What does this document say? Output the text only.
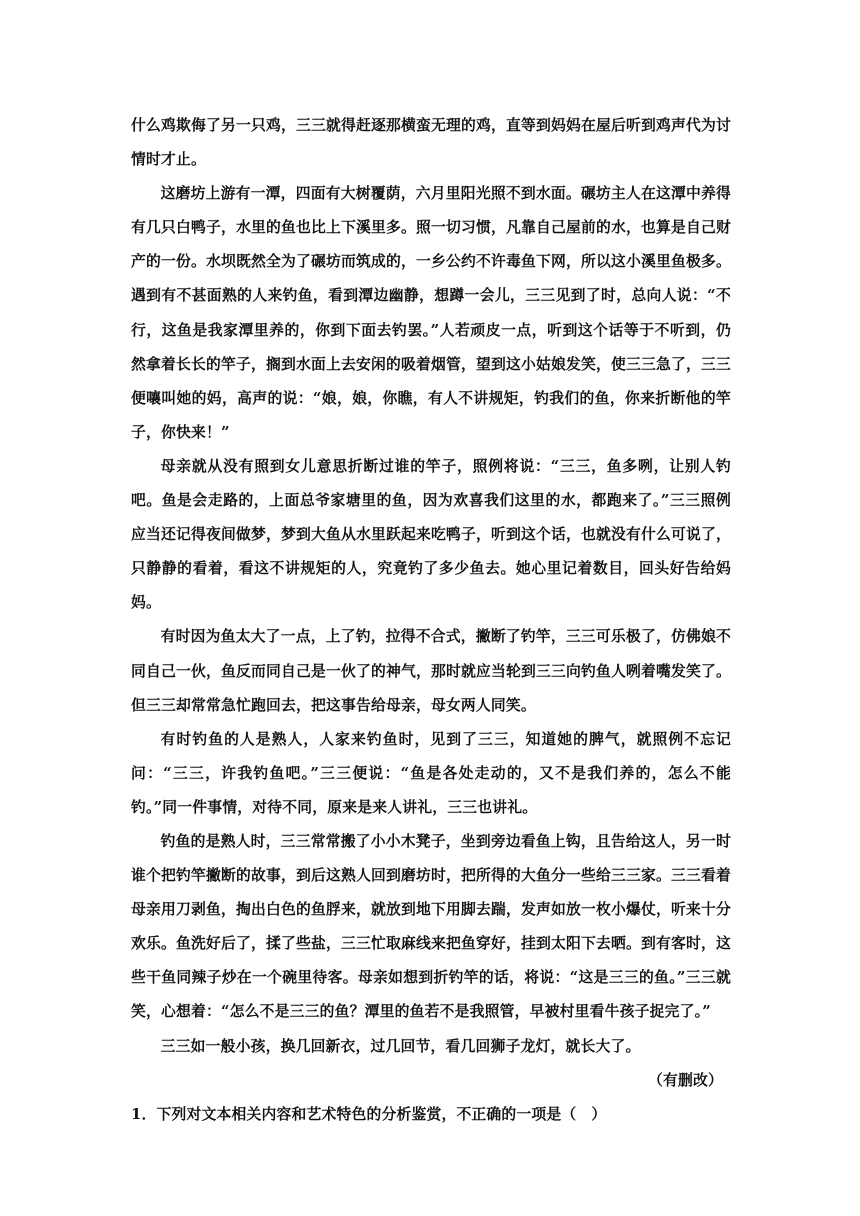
什么鸡欺侮了另一只鸡，三三就得赶逐那横蛮无理的鸡，直等到妈妈在屋后听到鸡声代为讨情时才止。

这磨坊上游有一潭，四面有大树覆荫，六月里阳光照不到水面。碾坊主人在这潭中养得有几只白鸭子，水里的鱼也比上下溪里多。照一切习惯，凡靠自己屋前的水，也算是自己财产的一份。水坝既然全为了碾坊而筑成的，一乡公约不许毒鱼下网，所以这小溪里鱼极多。遇到有不甚面熟的人来钓鱼，看到潭边幽静，想蹲一会儿，三三见到了时，总向人说：“不行，这鱼是我家潭里养的，你到下面去钓罢。”人若顽皮一点，听到这个话等于不听到，仍然拿着长长的竿子，搁到水面上去安闲的吸着烟管，望到这小姑娘发笑，使三三急了，三三便嚷叫她的妈，高声的说：“娘，娘，你瞧，有人不讲规矩，钓我们的鱼，你来折断他的竿子，你快来！”

母亲就从没有照到女儿意思折断过谁的竿子，照例将说：“三三，鱼多咧，让别人钓吧。鱼是会走路的，上面总爷家塘里的鱼，因为欢喜我们这里的水，都跑来了。”三三照例应当还记得夜间做梦，梦到大鱼从水里跃起来吃鸭子，听到这个话，也就没有什么可说了，只静静的看着，看这不讲规矩的人，究竟钓了多少鱼去。她心里记着数目，回头好告给妈妈。

有时因为鱼太大了一点，上了钓，拉得不合式，撇断了钓竿，三三可乐极了，仿佛娘不同自己一伙，鱼反而同自己是一伙了的神气，那时就应当轮到三三向钓鱼人咧着嘴发笑了。但三三却常常急忙跑回去，把这事告给母亲，母女两人同笑。

有时钓鱼的人是熟人，人家来钓鱼时，见到了三三，知道她的脾气，就照例不忘记问：“三三，许我钓鱼吧。”三三便说：“鱼是各处走动的，又不是我们养的，怎么不能钓。”同一件事情，对待不同，原来是来人讲礼，三三也讲礼。

钓鱼的是熟人时，三三常常搬了小小木凳子，坐到旁边看鱼上钩，且告给这人，另一时谁个把钓竿撇断的故事，到后这熟人回到磨坊时，把所得的大鱼分一些给三三家。三三看着母亲用刀剥鱼，掏出白色的鱼脬来，就放到地下用脚去踹，发声如放一枚小爆仗，听来十分欢乐。鱼洗好后了，揉了些盐，三三忙取麻线来把鱼穿好，挂到太阳下去晒。到有客时，这些干鱼同辣子炒在一个碗里待客。母亲如想到折钓竿的话，将说：“这是三三的鱼。”三三就笑，心想着：“怎么不是三三的鱼？潭里的鱼若不是我照管，早被村里看牛孩子捉完了。”

三三如一般小孩，换几回新衣，过几回节，看几回狮子龙灯，就长大了。

（有删改）

1．下列对文本相关内容和艺术特色的分析鉴赏，不正确的一项是（　）
